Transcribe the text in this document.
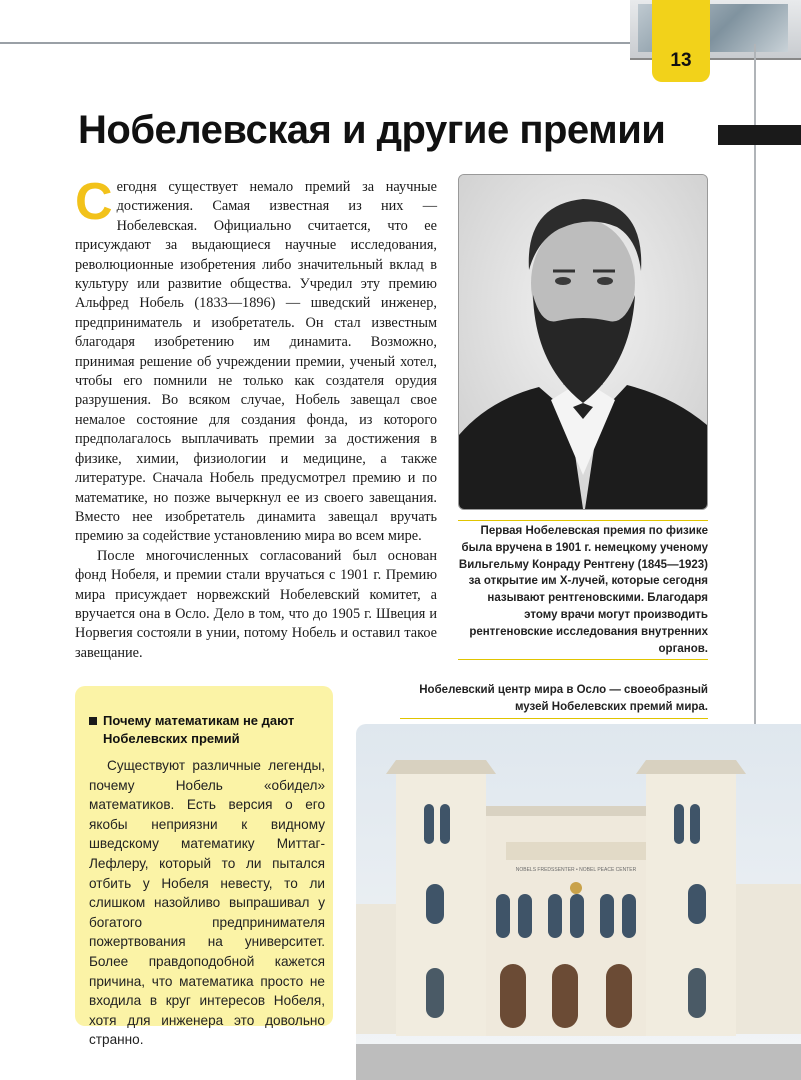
13
Нобелевская и другие премии

Сегодня существует немало премий за научные достижения. Самая известная из них — Нобелевская. Официально считается, что ее присуждают за выдающиеся научные исследования, революционные изобретения либо значительный вклад в культуру или развитие общества. Учредил эту премию Альфред Нобель (1833—1896) — шведский инженер, предприниматель и изобретатель. Он стал известным благодаря изобретению им динамита. Возможно, принимая решение об учреждении премии, ученый хотел, чтобы его помнили не только как создателя орудия разрушения. Во всяком случае, Нобель завещал свое немалое состояние для создания фонда, из которого предполагалось выплачивать премии за достижения в физике, химии, физиологии и медицине, а также литературе. Сначала Нобель предусмотрел премию и по математике, но позже вычеркнул ее из своего завещания. Вместо нее изобретатель динамита завещал вручать премию за содействие установлению мира во всем мире.

После многочисленных согласований был основан фонд Нобеля, и премии стали вручаться с 1901 г. Премию мира присуждает норвежский Нобелевский комитет, а вручается она в Осло. Дело в том, что до 1905 г. Швеция и Норвегия состояли в унии, потому Нобель и оставил такое завещание.

Первая Нобелевская премия по физике была вручена в 1901 г. немецкому ученому Вильгельму Конраду Рентгену (1845—1923) за открытие им Х-лучей, которые сегодня называют рентгеновскими. Благодаря этому врачи могут производить рентгеновские исследования внутренних органов.
Нобелевский центр мира в Осло — своеобразный музей Нобелевских премий мира.
Почему математикам не дают
Нобелевских премий

Существуют различные легенды, почему Нобель «обидел» математиков. Есть версия о его якобы неприязни к видному шведскому математику Миттаг-Лефлеру, который то ли пытался отбить у Нобеля невесту, то ли слишком назойливо выпрашивал у богатого предпринимателя пожертвования на университет. Более правдоподобной кажется причина, что математика просто не входила в круг интересов Нобеля, хотя для инженера это довольно странно.

NOBELS FREDSSENTER • NOBEL PEACE CENTER
